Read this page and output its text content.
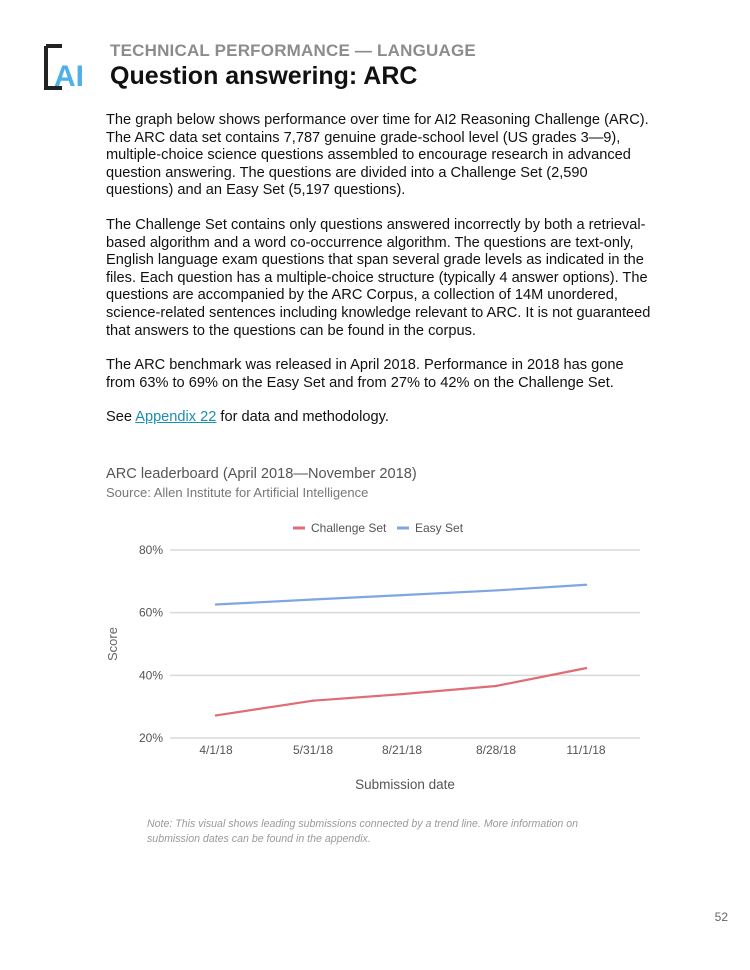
AI
TECHNICAL PERFORMANCE — LANGUAGE
Question answering: ARC

The graph below shows performance over time for AI2 Reasoning Challenge (ARC). The ARC data set contains 7,787 genuine grade-school level (US grades 3—9), multiple-choice science questions assembled to encourage research in advanced question answering. The questions are divided into a Challenge Set (2,590 questions) and an Easy Set (5,197 questions).

The Challenge Set contains only questions answered incorrectly by both a retrieval-based algorithm and a word co-occurrence algorithm. The questions are text-only, English language exam questions that span several grade levels as indicated in the files. Each question has a multiple-choice structure (typically 4 answer options). The questions are accompanied by the ARC Corpus, a collection of 14M unordered, science-related sentences including knowledge relevant to ARC. It is not guaranteed that answers to the questions can be found in the corpus.

The ARC benchmark was released in April 2018. Performance in 2018 has gone from 63% to 69% on the Easy Set and from 27% to 42% on the Challenge Set.

See Appendix 22 for data and methodology.

ARC leaderboard (April 2018—November 2018)
Source: Allen Institute for Artificial Intelligence
20%
40%
60%
80%
4/1/18	5/31/18	8/21/18	8/28/18	11/1/18
Submission date
Score
Challenge Set Easy Set
Note: This visual shows leading submissions connected by a trend line. More information on submission dates can be found in the appendix.
52
